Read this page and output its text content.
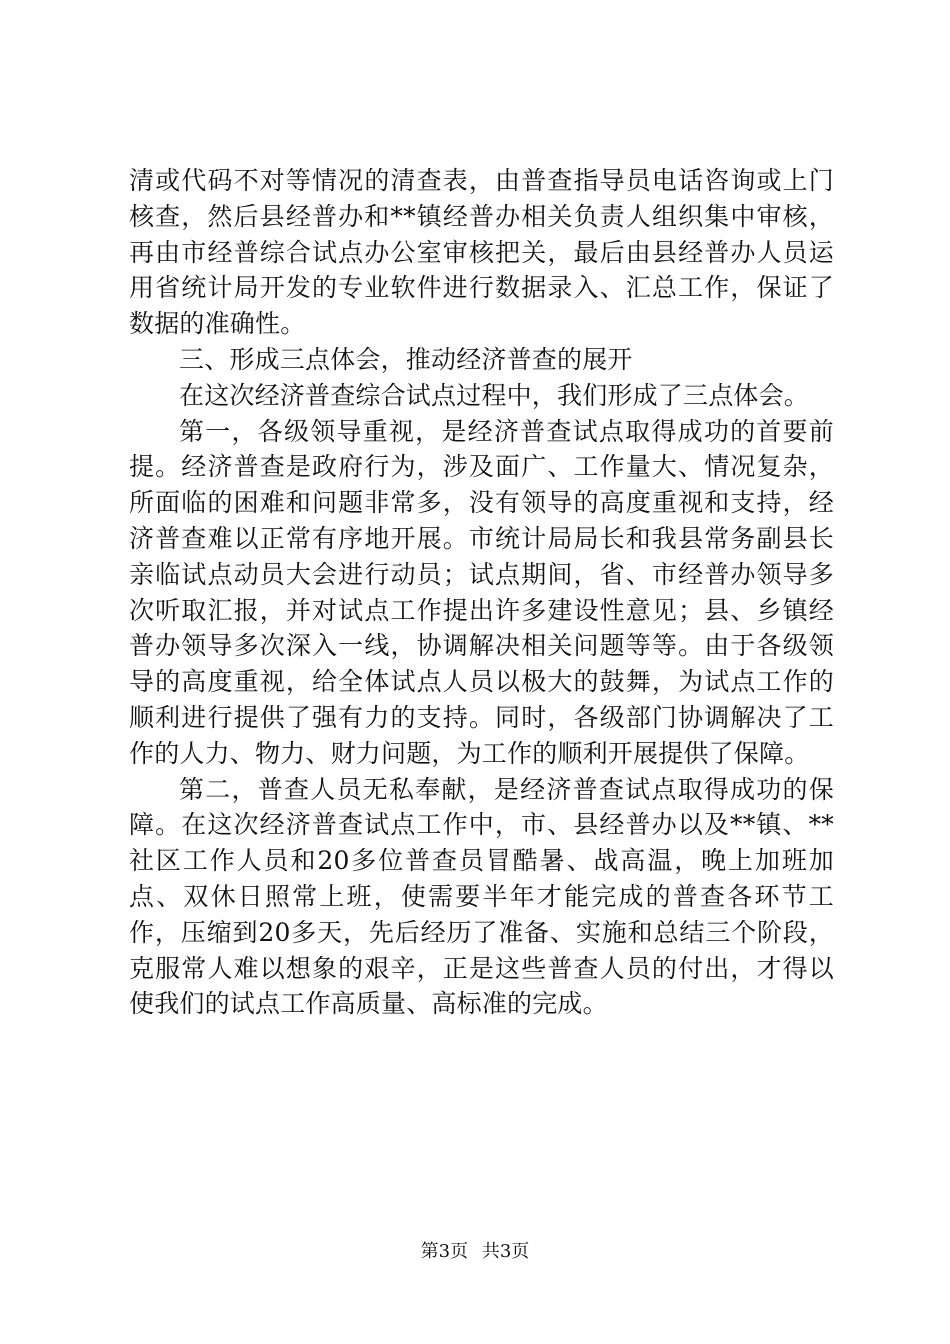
清或代码不对等情况的清查表，由普查指导员电话咨询或上门核查，然后县经普办和**镇经普办相关负责人组织集中审核，再由市经普综合试点办公室审核把关，最后由县经普办人员运用省统计局开发的专业软件进行数据录入、汇总工作，保证了数据的准确性。

三、形成三点体会，推动经济普查的展开

在这次经济普查综合试点过程中，我们形成了三点体会。

第一，各级领导重视，是经济普查试点取得成功的首要前提。经济普查是政府行为，涉及面广、工作量大、情况复杂，所面临的困难和问题非常多，没有领导的高度重视和支持，经济普查难以正常有序地开展。市统计局局长和我县常务副县长亲临试点动员大会进行动员；试点期间，省、市经普办领导多次听取汇报，并对试点工作提出许多建设性意见；县、乡镇经普办领导多次深入一线，协调解决相关问题等等。由于各级领导的高度重视，给全体试点人员以极大的鼓舞，为试点工作的顺利进行提供了强有力的支持。同时，各级部门协调解决了工作的人力、物力、财力问题，为工作的顺利开展提供了保障。

第二，普查人员无私奉献，是经济普查试点取得成功的保障。在这次经济普查试点工作中，市、县经普办以及**镇、**社区工作人员和20多位普查员冒酷暑、战高温，晚上加班加点、双休日照常上班，使需要半年才能完成的普查各环节工作，压缩到20多天，先后经历了准备、实施和总结三个阶段，克服常人难以想象的艰辛，正是这些普查人员的付出，才得以使我们的试点工作高质量、高标准的完成。

第3页 共3页
